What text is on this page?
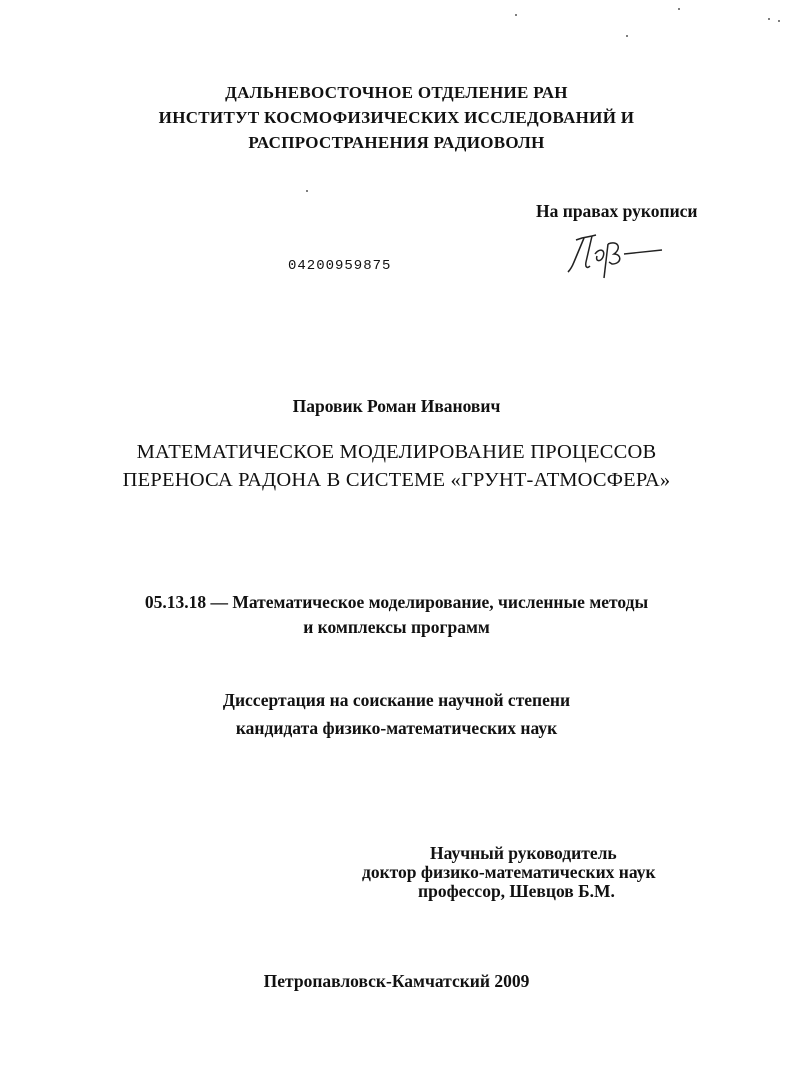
ДАЛЬНЕВОСТОЧНОЕ ОТДЕЛЕНИЕ РАН
ИНСТИТУТ КОСМОФИЗИЧЕСКИХ ИССЛЕДОВАНИЙ И
РАСПРОСТРАНЕНИЯ РАДИОВОЛН
На правах рукописи
04200959875
Паровик Роман Иванович
МАТЕМАТИЧЕСКОЕ МОДЕЛИРОВАНИЕ ПРОЦЕССОВ
ПЕРЕНОСА РАДОНА В СИСТЕМЕ «ГРУНТ-АТМОСФЕРА»
05.13.18 — Математическое моделирование, численные методы
и комплексы программ
Диссертация на соискание научной степени
кандидата физико-математических наук
Научный руководитель
доктор физико-математических наук
профессор, Шевцов Б.М.
Петропавловск-Камчатский 2009
